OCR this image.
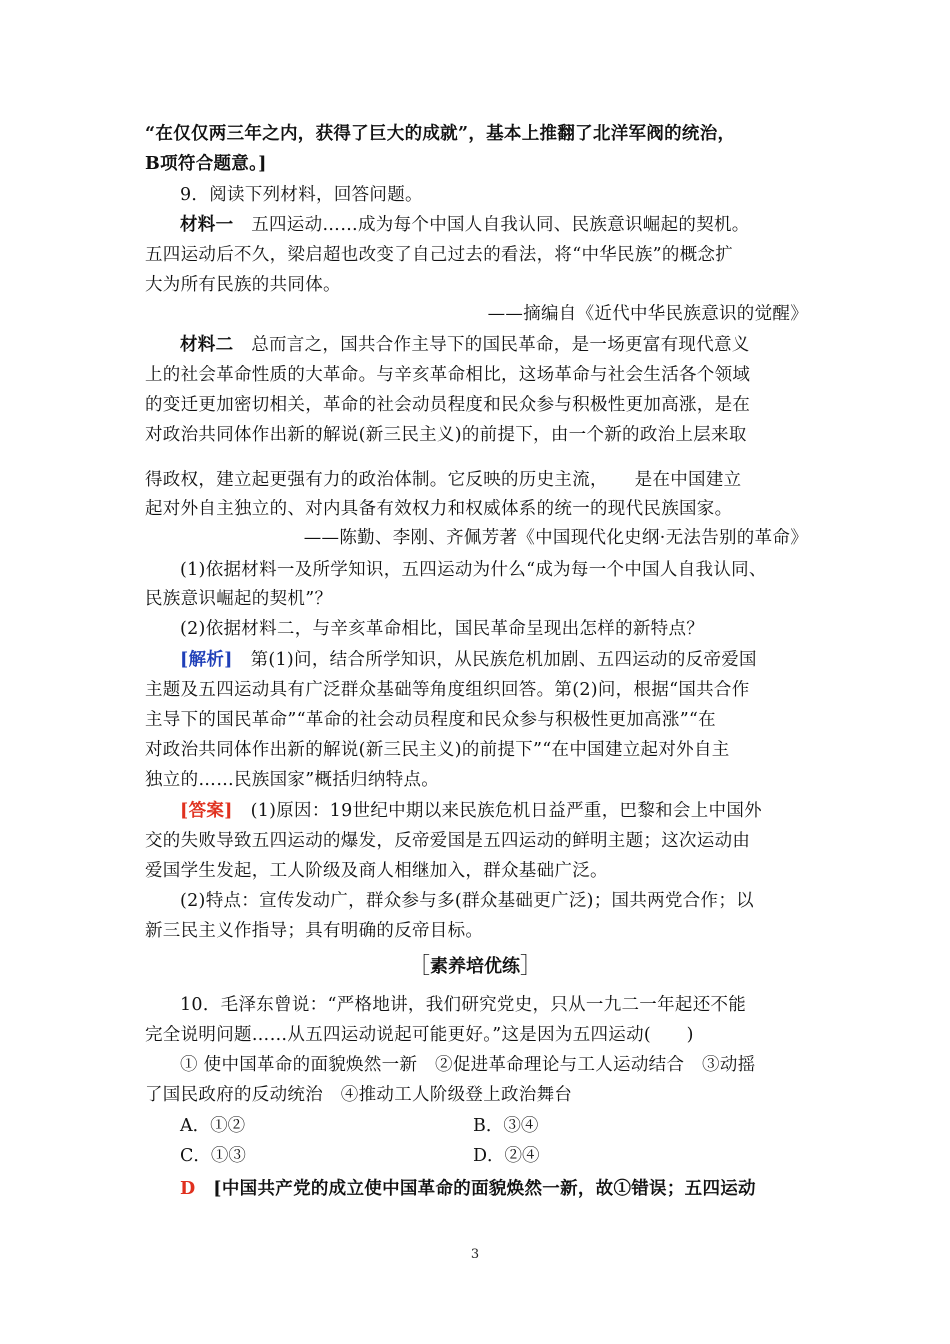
“在仅仅两三年之内，获得了巨大的成就”，基本上推翻了北洋军阀的统治，
B项符合题意。]
9．阅读下列材料，回答问题。
材料一　五四运动……成为每个中国人自我认同、民族意识崛起的契机。
五四运动后不久，梁启超也改变了自己过去的看法，将“中华民族”的概念扩
大为所有民族的共同体。
——摘编自《近代中华民族意识的觉醒》
材料二　总而言之，国共合作主导下的国民革命，是一场更富有现代意义
上的社会革命性质的大革命。与辛亥革命相比，这场革命与社会生活各个领域
的变迁更加密切相关，革命的社会动员程度和民众参与积极性更加高涨，是在
对政治共同体作出新的解说(新三民主义)的前提下，由一个新的政治上层来取
得政权，建立起更强有力的政治体制。它反映的历史主流，　　是在中国建立
起对外自主独立的、对内具备有效权力和权威体系的统一的现代民族国家。
——陈勤、李刚、齐佩芳著《中国现代化史纲·无法告别的革命》
(1)依据材料一及所学知识，五四运动为什么“成为每一个中国人自我认同、
民族意识崛起的契机”？
(2)依据材料二，与辛亥革命相比，国民革命呈现出怎样的新特点？
[解析]　第(1)问，结合所学知识，从民族危机加剧、五四运动的反帝爱国
主题及五四运动具有广泛群众基础等角度组织回答。第(2)问，根据“国共合作
主导下的国民革命”“革命的社会动员程度和民众参与积极性更加高涨”“在
对政治共同体作出新的解说(新三民主义)的前提下”“在中国建立起对外自主
独立的……民族国家”概括归纳特点。
[答案]　(1)原因：19世纪中期以来民族危机日益严重，巴黎和会上中国外
交的失败导致五四运动的爆发，反帝爱国是五四运动的鲜明主题；这次运动由
爱国学生发起，工人阶级及商人相继加入，群众基础广泛。
(2)特点：宣传发动广，群众参与多(群众基础更广泛)；国共两党合作；以
新三民主义作指导；具有明确的反帝目标。
［素养培优练］
10．毛泽东曾说：“严格地讲，我们研究党史，只从一九二一年起还不能
完全说明问题……从五四运动说起可能更好。”这是因为五四运动(　　)
① 使中国革命的面貌焕然一新　②促进革命理论与工人运动结合　③动摇
了国民政府的反动统治　④推动工人阶级登上政治舞台
A．①②	B．③④
C．①③	D．②④
D　[中国共产党的成立使中国革命的面貌焕然一新，故①错误；五四运动
3
